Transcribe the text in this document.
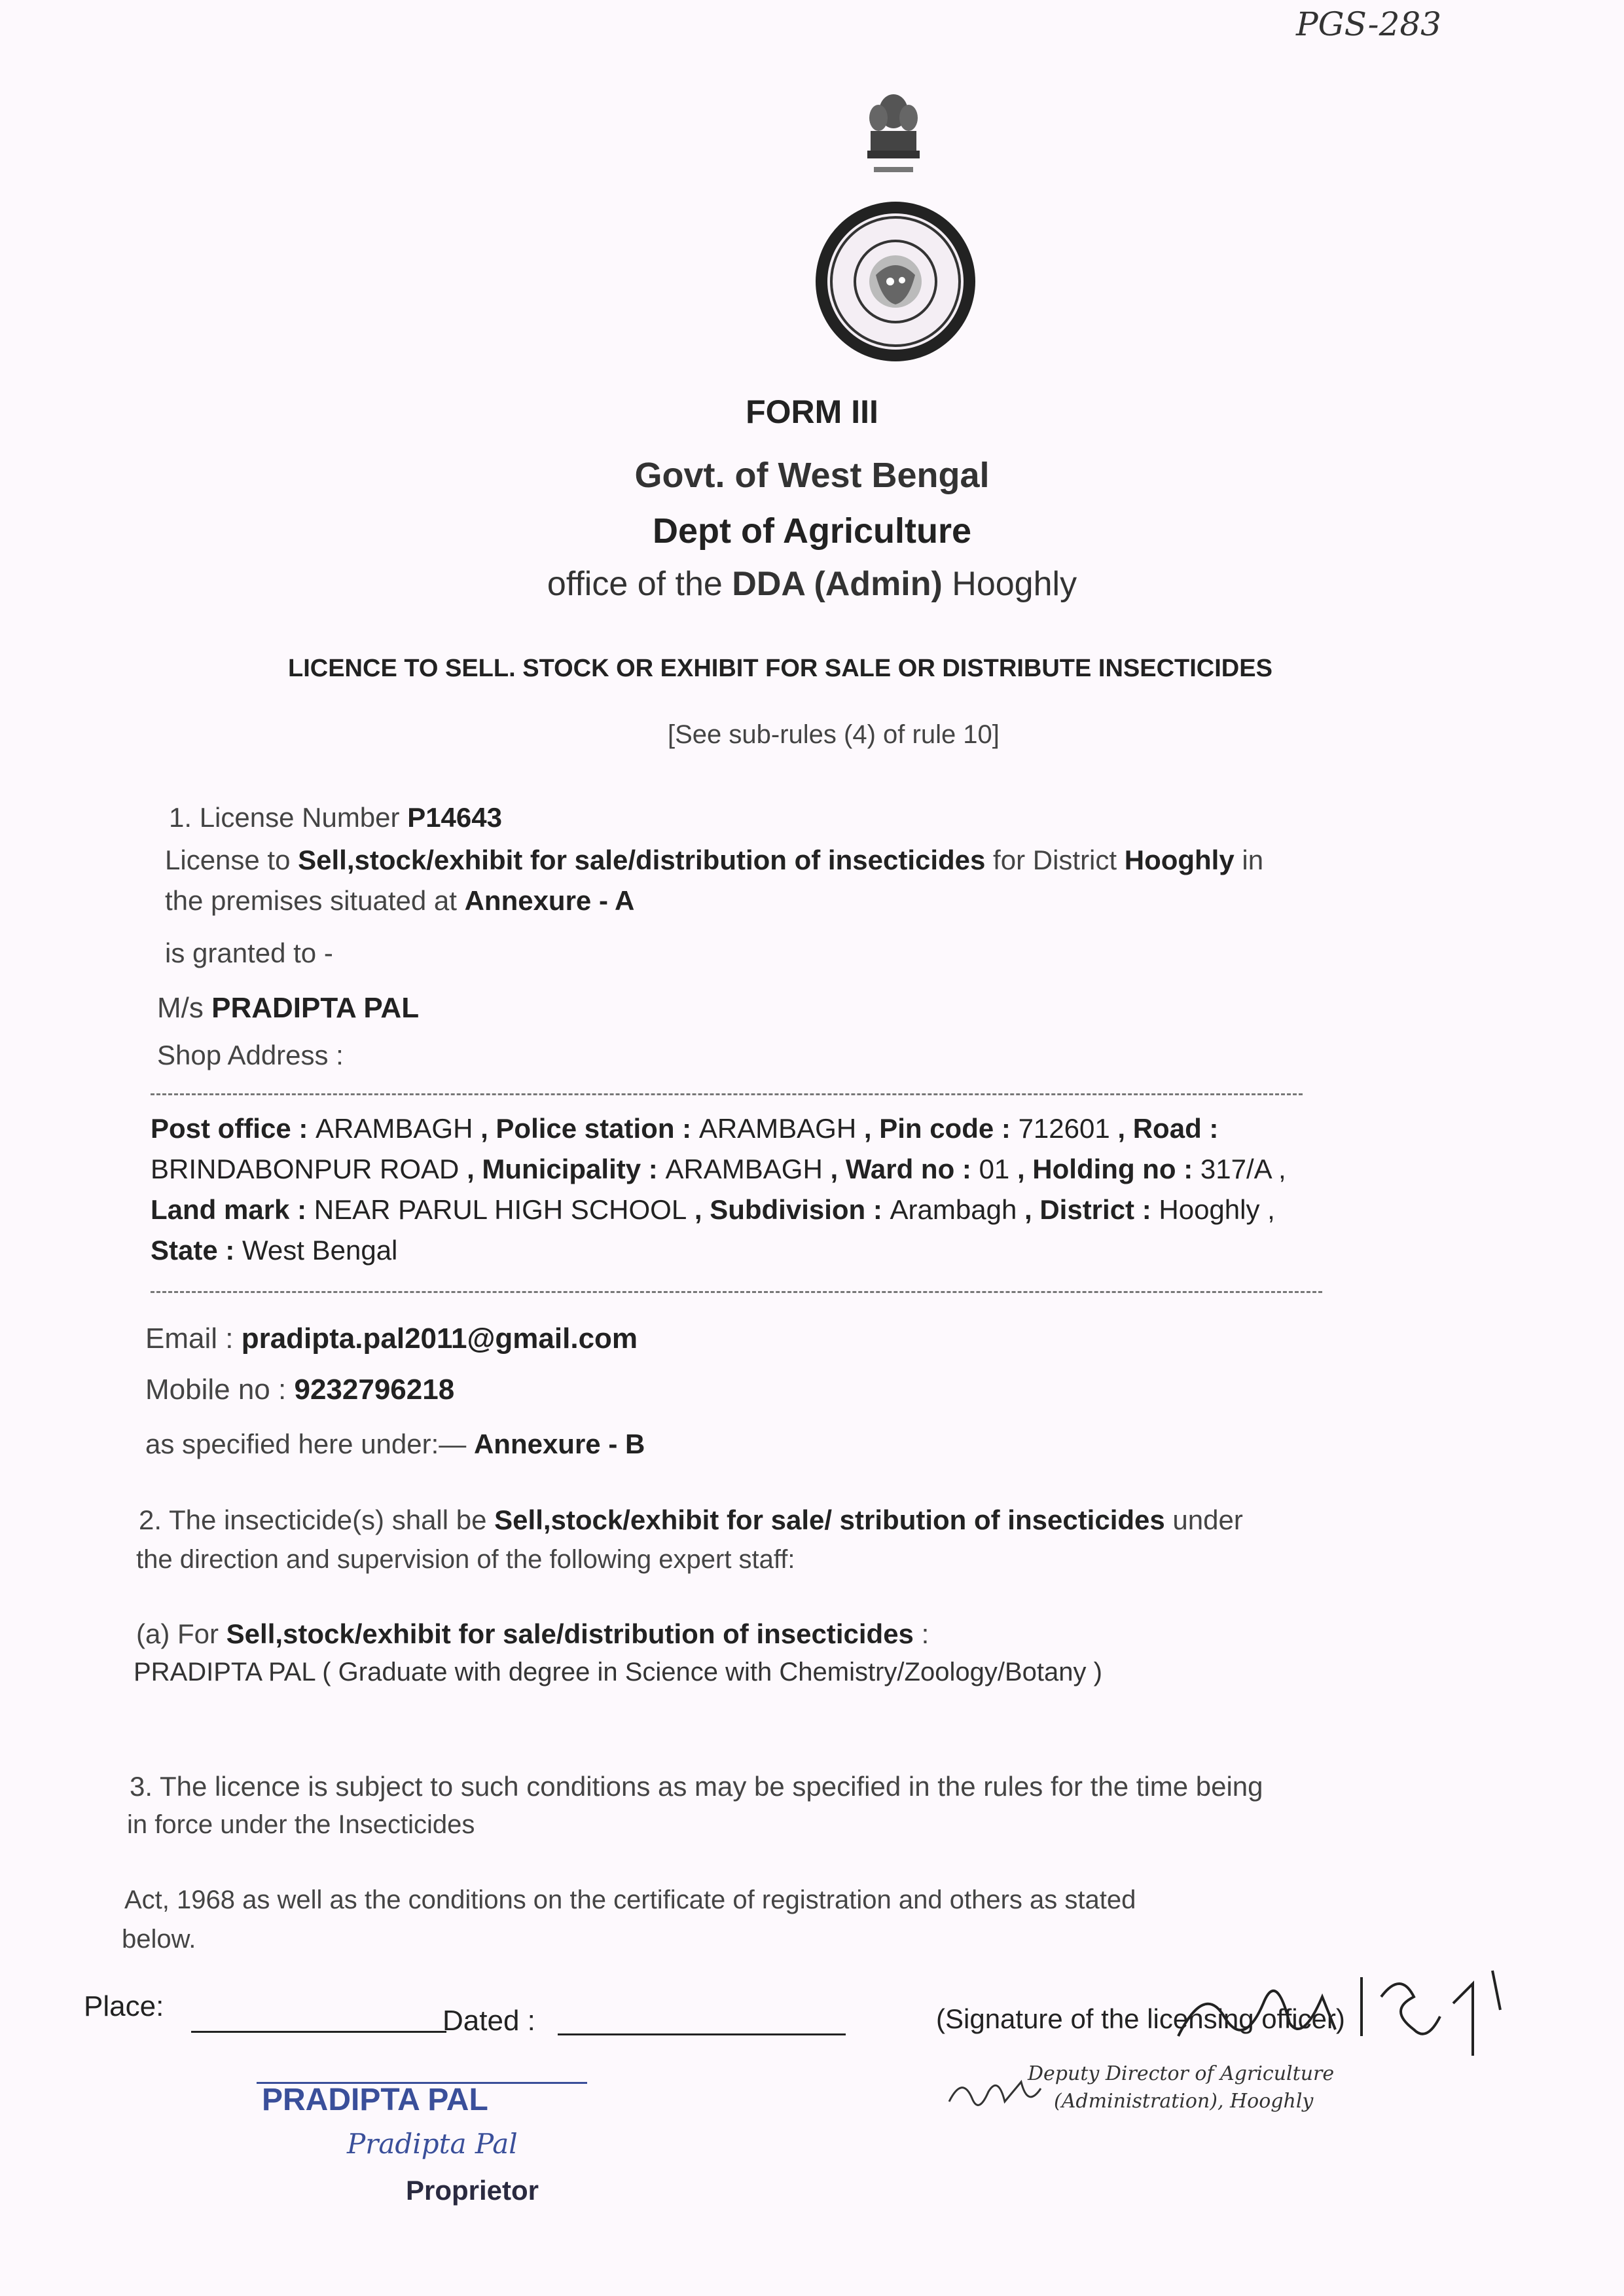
PGS-283
FORM III
Govt. of West Bengal
Dept of Agriculture
office of the DDA (Admin) Hooghly
LICENCE TO SELL. STOCK OR EXHIBIT FOR SALE OR DISTRIBUTE INSECTICIDES
[See sub-rules (4) of rule 10]
1. License Number P14643
License to Sell,stock/exhibit for sale/distribution of insecticides for District Hooghly in
the premises situated at Annexure - A
is granted to -
M/s PRADIPTA PAL
Shop Address :
Post office : ARAMBAGH , Police station : ARAMBAGH , Pin code : 712601 , Road :
BRINDABONPUR ROAD , Municipality : ARAMBAGH , Ward no : 01 , Holding no : 317/A ,
Land mark : NEAR PARUL HIGH SCHOOL , Subdivision : Arambagh , District : Hooghly ,
State : West Bengal
Email : pradipta.pal2011@gmail.com
Mobile no : 9232796218
as specified here under:— Annexure - B
2. The insecticide(s) shall be Sell,stock/exhibit for sale/ stribution of insecticides under
the direction and supervision of the following expert staff:
(a) For Sell,stock/exhibit for sale/distribution of insecticides :
PRADIPTA PAL ( Graduate with degree in Science with Chemistry/Zoology/Botany )
3. The licence is subject to such conditions as may be specified in the rules for the time being
in force under the Insecticides
Act, 1968 as well as the conditions on the certificate of registration and others as stated
below.
Place:	Dated :	(Signature of the licensing officer)
Deputy Director of Agriculture
(Administration), Hooghly
PRADIPTA PAL
Pradipta Pal
Proprietor
